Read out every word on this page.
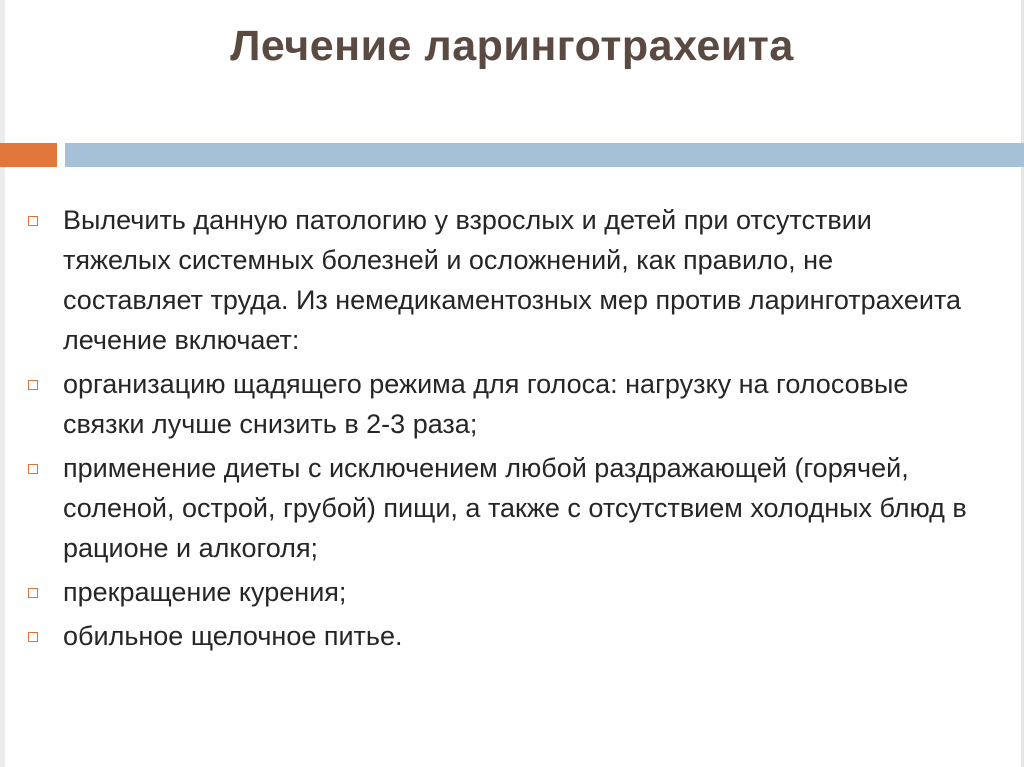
Лечение ларинготрахеита
Вылечить данную патологию у взрослых и детей при отсутствии тяжелых системных болезней и осложнений, как правило, не составляет труда. Из немедикаментозных мер против ларинготрахеита лечение включает:
организацию щадящего режима для голоса: нагрузку на голосовые связки лучше снизить в 2-3 раза;
применение диеты с исключением любой раздражающей (горячей, соленой, острой, грубой) пищи, а также с отсутствием холодных блюд в рационе и алкоголя;
прекращение курения;
обильное щелочное питье.
